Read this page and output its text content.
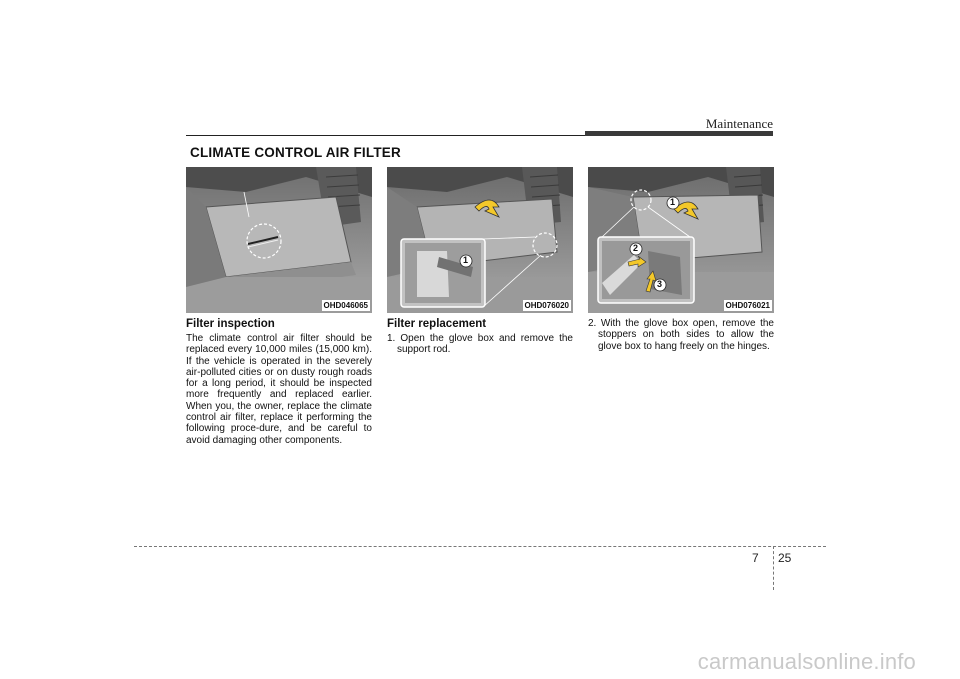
Maintenance
CLIMATE CONTROL AIR FILTER
OHD046065
1
OHD076020
1
2
3
OHD076021

Filter inspection

The climate control air filter should be replaced every 10,000 miles (15,000 km). If the vehicle is operated in the severely air-polluted cities or on dusty rough roads for a long period, it should be inspected more frequently and replaced earlier. When you, the owner, replace the climate control air filter, replace it performing the following proce-dure, and be careful to avoid damaging other components.

Filter replacement

1. Open the glove box and remove the support rod.

2. With the glove box open, remove the stoppers on both sides to allow the glove box to hang freely on the hinges.

7 25
carmanualsonline.info
